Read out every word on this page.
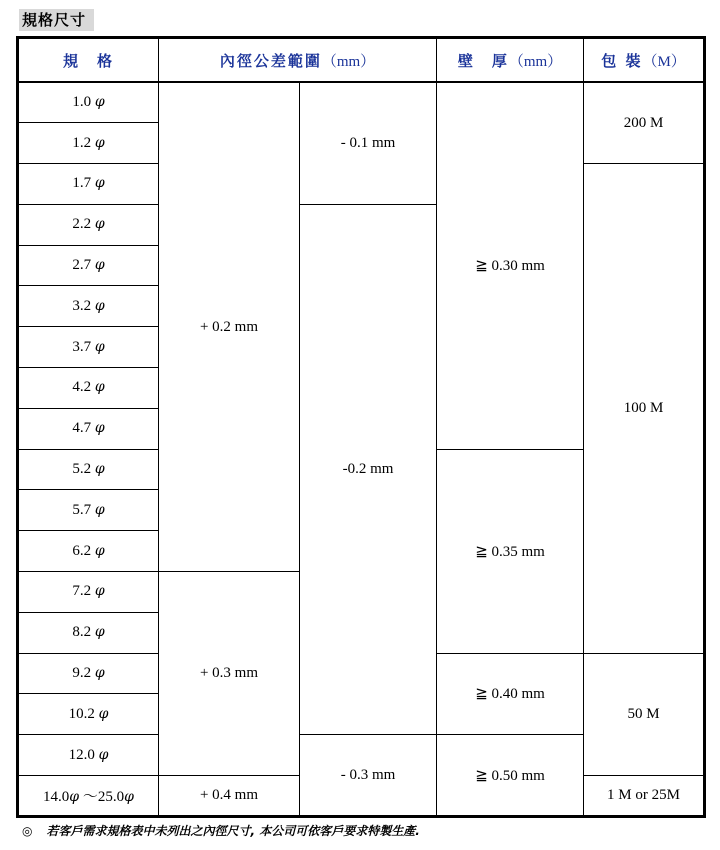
規格尺寸
規　格	內徑公差範圍（mm）		壁　厚（mm）	包 裝（M）
1.0 φ	+ 0.2 mm	- 0.1 mm	≧ 0.30 mm	200 M
1.2 φ				
1.7 φ				100 M
2.2 φ		-0.2 mm		
2.7 φ				
3.2 φ				
3.7 φ				
4.2 φ				
4.7 φ				
5.2 φ			≧ 0.35 mm	
5.7 φ				
6.2 φ				
7.2 φ	+ 0.3 mm			
8.2 φ				
9.2 φ			≧ 0.40 mm	50 M
10.2 φ				
12.0 φ		- 0.3 mm	≧ 0.50 mm	
14.0φ ～25.0φ	+ 0.4 mm			1 M or 25M
◎ 若客戶需求規格表中未列出之內徑尺寸, 本公司可依客戶要求特製生產.
